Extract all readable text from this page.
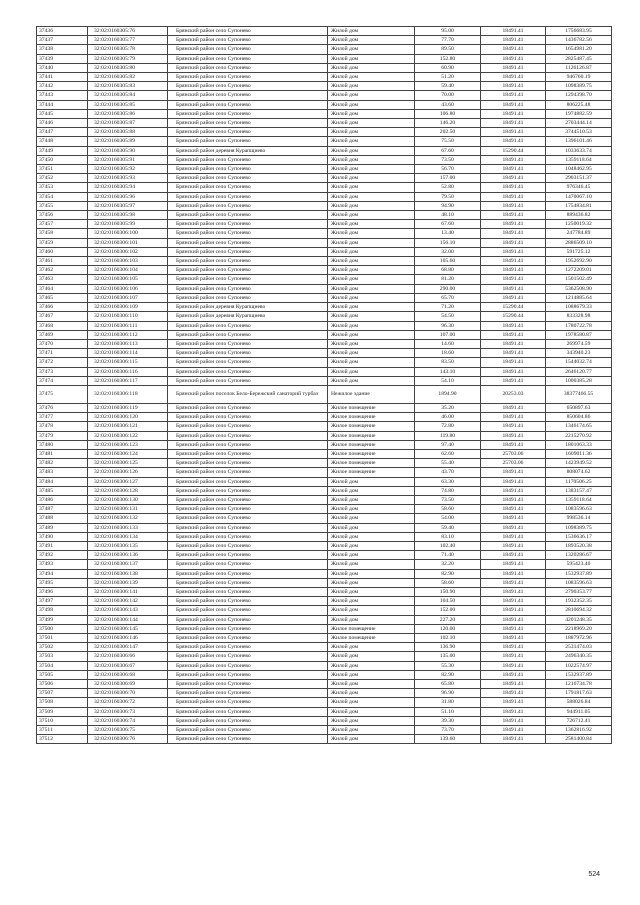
37436	32:02:0160305:76	Брянский район село Супонево	Жилой дом	95.00	18491.41	1756683.95
37437	32:02:0160305:77	Брянский район село Супонево	Жилой дом	77.70	18491.41	1436782.56
37438	32:02:0160305:78	Брянский район село Супонево	Жилой дом	89.50	18491.41	1654981.20
37439	32:02:0160305:79	Брянский район село Супонево	Жилой дом	152.80	18491.41	2825487.45
37440	32:02:0160305:80	Брянский район село Супонево	Жилой дом	60.90	18491.41	1126126.87
37441	32:02:0160305:82	Брянский район село Супонево	Жилой дом	51.20	18491.41	946760.19
37442	32:02:0160305:83	Брянский район село Супонево	Жилой дом	59.40	18491.41	1098389.75
37443	32:02:0160305:84	Брянский район село Супонево	Жилой дом	70.00	18491.41	1294398.70
37444	32:02:0160305:85	Брянский район село Супонево	Жилой дом	43.60	18491.41	806225.48
37445	32:02:0160305:86	Брянский район село Супонево	Жилой дом	106.80	18491.41	1974882.59
37446	32:02:0160305:87	Брянский район село Супонево	Жилой дом	146.20	18491.41	2703444.14
37447	32:02:0160305:88	Брянский район село Супонево	Жилой дом	202.50	18491.41	3744510.53
37448	32:02:0160305:89	Брянский район село Супонево	Жилой дом	75.50	18491.41	1396101.46
37449	32:02:0160305:90	Брянский район деревня Курапщиево	Жилой дом	67.60	15290.44	1033633.74
37450	32:02:0160305:91	Брянский район село Супонево	Жилой дом	73.50	18491.41	1359118.64
37451	32:02:0160305:92	Брянский район село Супонево	Жилой дом	56.70	18491.41	1048462.95
37452	32:02:0160305:93	Брянский район село Супонево	Жилой дом	157.00	18491.41	2903151.37
37453	32:02:0160305:94	Брянский район село Супонево	Жилой дом	52.80	18491.41	976346.45
37454	32:02:0160305:96	Брянский район село Супонево	Жилой дом	79.50	18491.41	1470067.10
37455	32:02:0160305:97	Брянский район село Супонево	Жилой дом	94.90	18491.41	1754834.81
37456	32:02:0160305:98	Брянский район село Супонево	Жилой дом	48.10	18491.41	889436.82
37457	32:02:0160305:99	Брянский район село Супонево	Жилой дом	67.60	18491.41	1250019.32
37458	32:02:0160306:100	Брянский район село Супонево	Жилой дом	13.40	18491.41	247784.89
37459	32:02:0160306:101	Брянский район село Супонево	Жилой дом	156.10	18491.41	2886509.10
37460	32:02:0160306:102	Брянский район село Супонево	Жилой дом	32.00	18491.41	591725.12
37461	32:02:0160306:103	Брянский район село Супонево	Жилой дом	105.60	18491.41	1952692.90
37462	32:02:0160306:104	Брянский район село Супонево	Жилой дом	68.80	18491.41	1272209.01
37463	32:02:0160306:105	Брянский район село Супонево	Жилой дом	81.20	18491.41	1501502.49
37464	32:02:0160306:106	Брянский район село Супонево	Жилой дом	290.00	18491.41	5362508.90
37465	32:02:0160306:107	Брянский район село Супонево	Жилой дом	65.70	18491.41	1214885.64
37466	32:02:0160306:109	Брянский район деревня Курапщиево	Жилой дом	71.20	15290.44	1088679.33
37467	32:02:0160306:110	Брянский район деревня Курапщиево	Жилой дом	54.50	15290.44	833328.98
37468	32:02:0160306:111	Брянский район село Супонево	Жилой дом	96.30	18491.41	1780722.78
37469	32:02:0160306:112	Брянский район село Супонево	Жилой дом	107.00	18491.41	1978580.87
37470	32:02:0160306:113	Брянский район село Супонево	Жилой дом	14.60	18491.41	269974.59
37471	32:02:0160306:114	Брянский район село Супонево	Жилой дом	18.60	18491.41	343940.23
37472	32:02:0160306:115	Брянский район село Супонево	Жилой дом	83.50	18491.41	1544032.74
37473	32:02:0160306:116	Брянский район село Супонево	Жилой дом	143.10	18491.41	2646120.77
37474	32:02:0160306:117	Брянский район село Супонево	Жилой дом	54.10	18491.41	1000385.28
37475	32:02:0160306:118	Брянский район поселок Бело-Бережский санаторий турбаз	Нежилое здание	1894.90	20253.03	38377466.55
37476	32:02:0160306:119	Брянский район село Супонево	Жилое помещение	35.20	18491.41	650897.63
37477	32:02:0160306:120	Брянский район село Супонево	Жилое помещение	46.00	18491.41	850604.86
37478	32:02:0160306:121	Брянский район село Супонево	Жилое помещение	72.80	18491.41	1346174.65
37479	32:02:0160306:122	Брянский район село Супонево	Жилое помещение	119.80	18491.41	2215270.92
37480	32:02:0160306:123	Брянский район село Супонево	Жилое помещение	97.40	18491.41	1801063.33
37481	32:02:0160306:124	Брянский район село Супонево	Жилое помещение	62.60	25703.06	1609011.36
37482	32:02:0160306:125	Брянский район село Супонево	Жилое помещение	55.40	25703.06	1423949.52
37483	32:02:0160306:126	Брянский район село Супонево	Жилое помещение	43.70	18491.41	808074.62
37484	32:02:0160306:127	Брянский район село Супонево	Жилой дом	63.30	18491.41	1170506.25
37485	32:02:0160306:128	Брянский район село Супонево	Жилой дом	74.80	18491.41	1383157.47
37486	32:02:0160306:130	Брянский район село Супонево	Жилой дом	73.50	18491.41	1359118.64
37487	32:02:0160306:131	Брянский район село Супонево	Жилой дом	58.60	18491.41	1083596.63
37488	32:02:0160306:132	Брянский район село Супонево	Жилой дом	54.00	18491.41	998536.14
37489	32:02:0160306:133	Брянский район село Супонево	Жилой дом	59.40	18491.41	1098389.75
37490	32:02:0160306:134	Брянский район село Супонево	Жилой дом	83.10	18491.41	1536636.17
37491	32:02:0160306:135	Брянский район село Супонево	Жилой дом	102.40	18491.41	1893520.38
37492	32:02:0160306:136	Брянский район село Супонево	Жилой дом	71.40	18491.41	1320286.67
37493	32:02:0160306:137	Брянский район село Супонево	Жилой дом	32.20	18491.41	595423.40
37494	32:02:0160306:138	Брянский район село Супонево	Жилой дом	82.90	18491.41	1532937.89
37495	32:02:0160306:139	Брянский район село Супонево	Жилой дом	58.60	18491.41	1083596.63
37496	32:02:0160306:141	Брянский район село Супонево	Жилой дом	150.90	18491.41	2790353.77
37497	32:02:0160306:142	Брянский район село Супонево	Жилой дом	104.50	18491.41	1932352.35
37498	32:02:0160306:143	Брянский район село Супонево	Жилой дом	152.00	18491.41	2810694.32
37499	32:02:0160306:144	Брянский район село Супонево	Жилой дом	227.20	18491.41	4201248.35
37500	32:02:0160306:145	Брянский район село Супонево	Жилое помещение	120.00	18491.41	2218969.20
37501	32:02:0160306:146	Брянский район село Супонево	Жилое помещение	102.10	18491.41	1887972.96
37502	32:02:0160306:147	Брянский район село Супонево	Жилой дом	136.90	18491.41	2531474.03
37503	32:02:0160306:66	Брянский район село Супонево	Жилой дом	135.00	18491.41	2496340.35
37504	32:02:0160306:67	Брянский район село Супонево	Жилой дом	55.30	18491.41	1022574.97
37505	32:02:0160306:68	Брянский район село Супонево	Жилой дом	82.90	18491.41	1532937.89
37506	32:02:0160306:69	Брянский район село Супонево	Жилой дом	65.80	18491.41	1216734.78
37507	32:02:0160306:70	Брянский район село Супонево	Жилой дом	96.90	18491.41	1791817.63
37508	32:02:0160306:72	Брянский район село Супонево	Жилой дом	31.80	18491.41	588026.84
37509	32:02:0160306:73	Брянский район село Супонево	Жилой дом	51.10	18491.41	944911.05
37510	32:02:0160306:74	Брянский район село Супонево	Жилой дом	39.30	18491.41	726712.41
37511	32:02:0160306:75	Брянский район село Супонево	Жилой дом	73.70	18491.41	1362816.92
37512	32:02:0160306:76	Брянский район село Супонево	Жилой дом	139.60	18491.41	2581400.84
524
